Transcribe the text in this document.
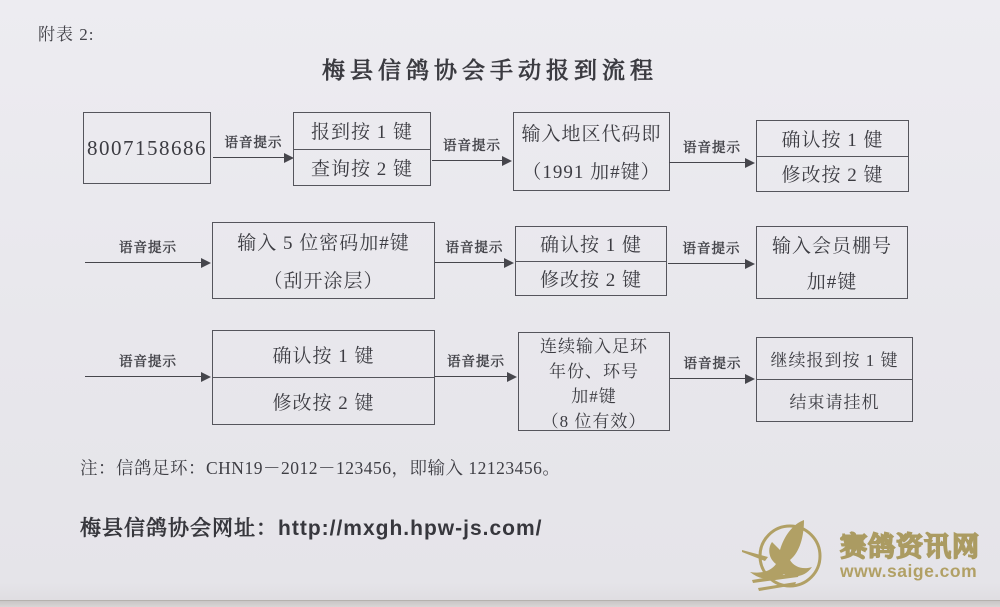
附表 2:
梅县信鸽协会手动报到流程
8007158686	语音提示	报到按 1 键
查询按 2 键
语音提示
输入地区代码即
（1991 加#键）
语音提示	确认按 1 健
修改按 2 键
语音提示	输入 5 位密码加#键
（刮开涂层）
语音提示	确认按 1 健
修改按 2 键
语音提示	输入会员棚号
加#键
语音提示	确认按 1 键
修改按 2 键
语音提示
连续输入足环
年份、环号
加#键
（8 位有效）
语音提示	继续报到按 1 键
结束请挂机
注：信鸽足环：CHN19－2012－123456，即输入 12123456。
梅县信鸽协会网址：http://mxgh.hpw-js.com/
赛鸽资讯网
www.saige.com
